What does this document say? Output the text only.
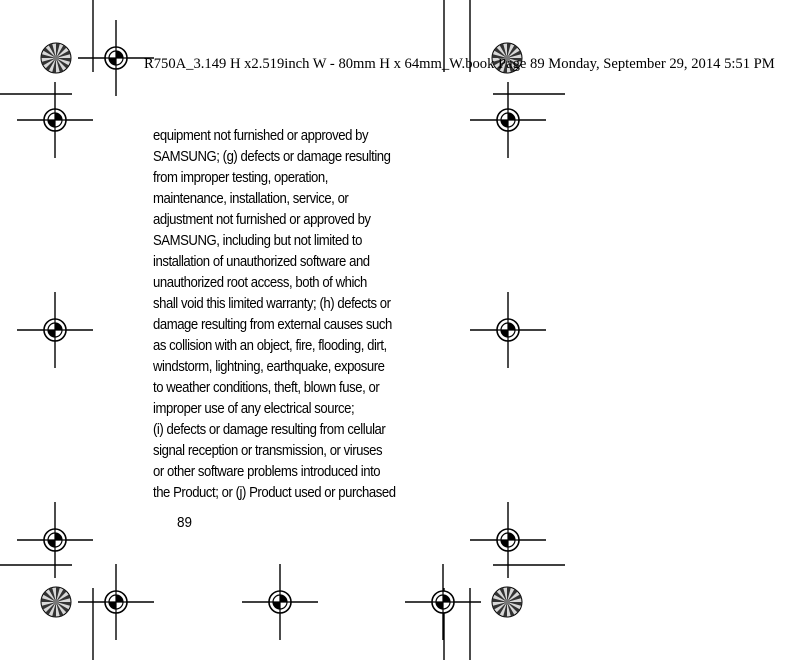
R750A_3.149 H x2.519inch W - 80mm H x 64mm_W.book Page 89 Monday, September 29, 2014 5:51 PM
equipment not furnished or approved by
SAMSUNG; (g) defects or damage resulting
from improper testing, operation,
maintenance, installation, service, or
adjustment not furnished or approved by
SAMSUNG, including but not limited to
installation of unauthorized software and
unauthorized root access, both of which
shall void this limited warranty; (h) defects or
damage resulting from external causes such
as collision with an object, fire, flooding, dirt,
windstorm, lightning, earthquake, exposure
to weather conditions, theft, blown fuse, or
improper use of any electrical source;
(i) defects or damage resulting from cellular
signal reception or transmission, or viruses
or other software problems introduced into
the Product; or (j) Product used or purchased
89
